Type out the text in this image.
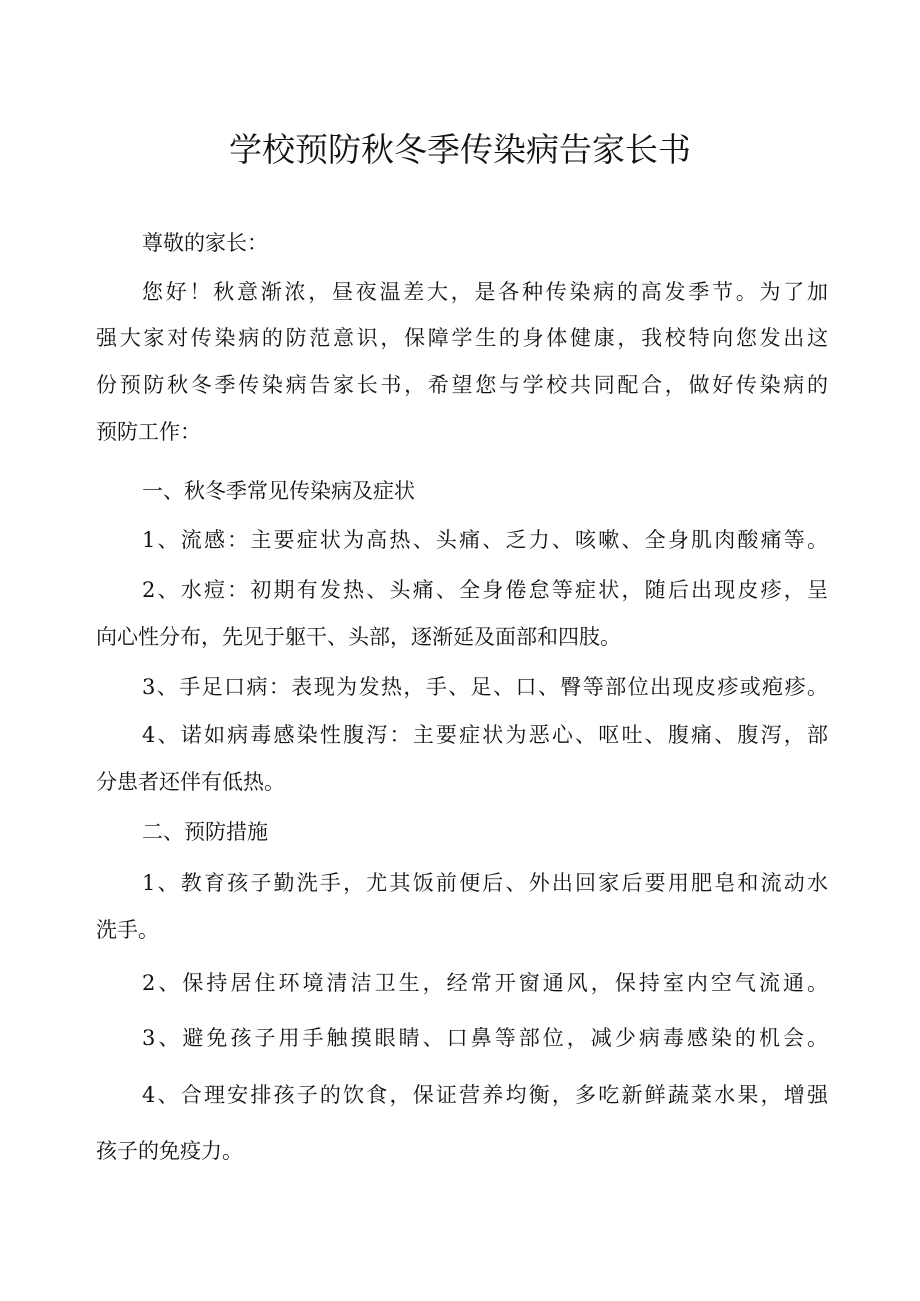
学校预防秋冬季传染病告家长书

尊敬的家长：

您好！秋意渐浓，昼夜温差大，是各种传染病的高发季节。为了加

强大家对传染病的防范意识，保障学生的身体健康，我校特向您发出这

份预防秋冬季传染病告家长书，希望您与学校共同配合，做好传染病的

预防工作：

一、秋冬季常见传染病及症状

1、流感：主要症状为高热、头痛、乏力、咳嗽、全身肌肉酸痛等。

2、水痘：初期有发热、头痛、全身倦怠等症状，随后出现皮疹，呈

向心性分布，先见于躯干、头部，逐渐延及面部和四肢。

3、手足口病：表现为发热，手、足、口、臀等部位出现皮疹或疱疹。

4、诺如病毒感染性腹泻：主要症状为恶心、呕吐、腹痛、腹泻，部

分患者还伴有低热。

二、预防措施

1、教育孩子勤洗手，尤其饭前便后、外出回家后要用肥皂和流动水

洗手。

2、保持居住环境清洁卫生，经常开窗通风，保持室内空气流通。

3、避免孩子用手触摸眼睛、口鼻等部位，减少病毒感染的机会。

4、合理安排孩子的饮食，保证营养均衡，多吃新鲜蔬菜水果，增强

孩子的免疫力。
